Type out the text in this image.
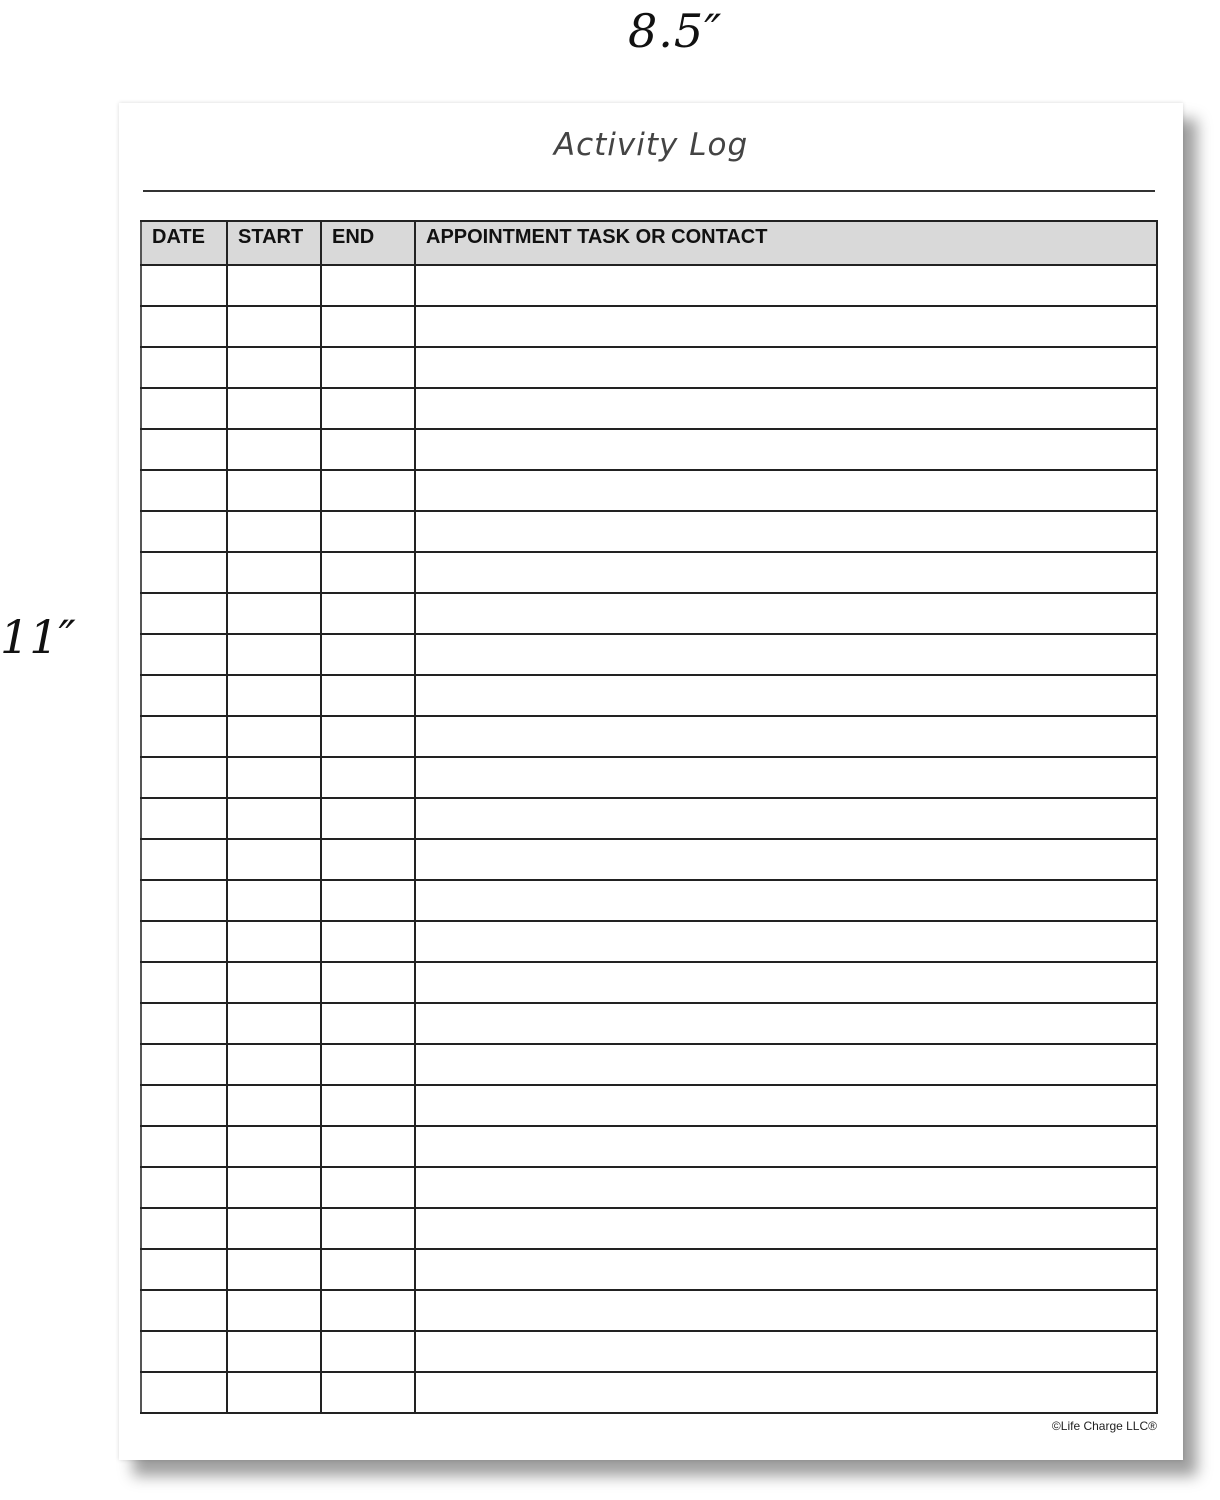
8.5″
11″
Activity Log
DATE	START	END	APPOINTMENT TASK OR CONTACT

©Life Charge LLC®
